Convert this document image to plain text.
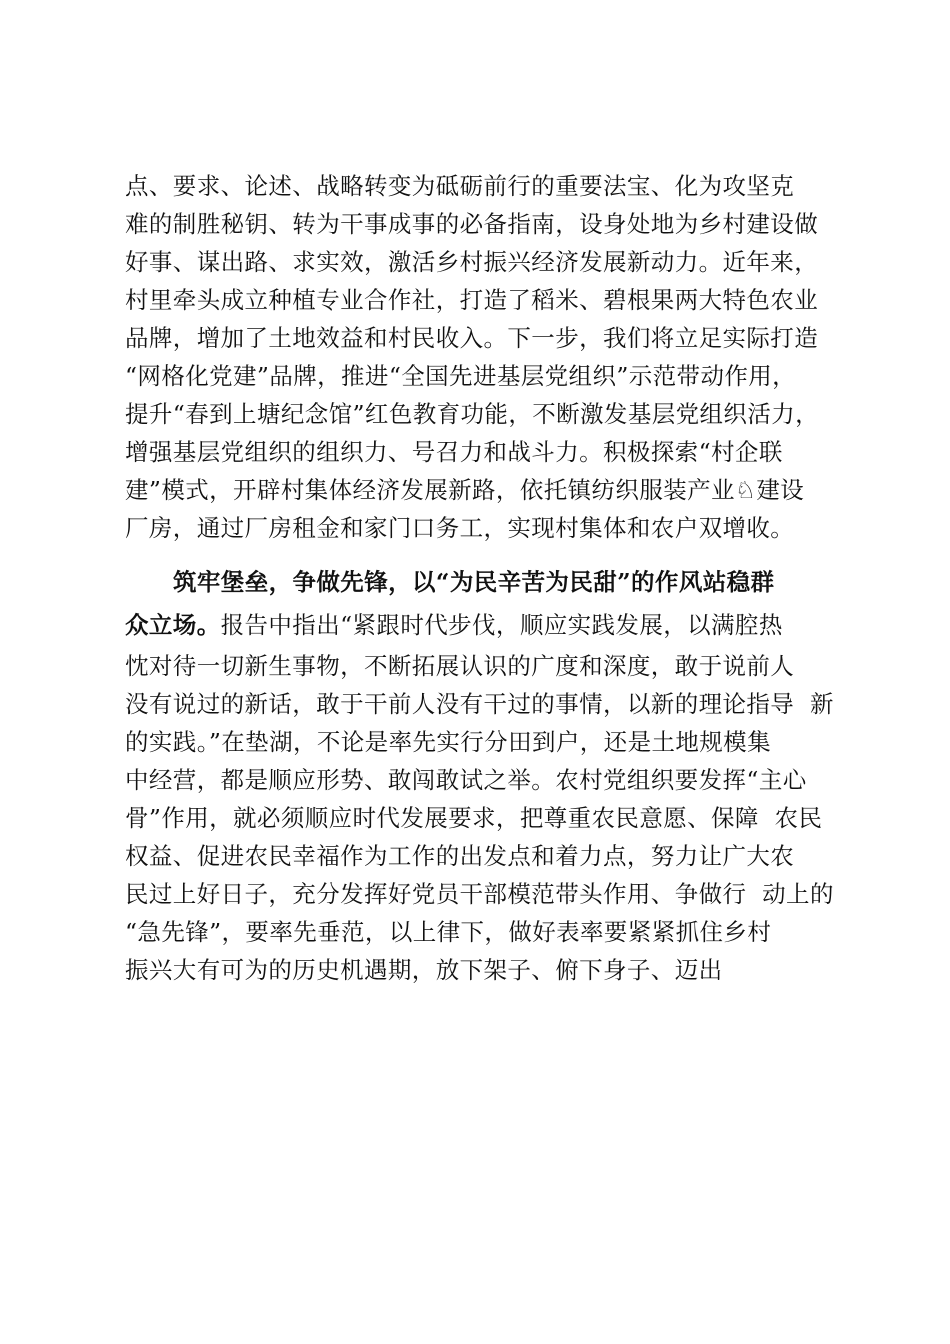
点、要求、论述、战略转变为砥砺前行的重要法宝、化为攻坚克
难的制胜秘钥、转为干事成事的必备指南，设身处地为乡村建设做
好事、谋出路、求实效，激活乡村振兴经济发展新动力。近年来，
村里牵头成立种植专业合作社，打造了稻米、碧根果两大特色农业
品牌，增加了土地效益和村民收入。下一步，我们将立足实际打造
“网格化党建”品牌，推进“全国先进基层党组织”示范带动作用，
提升“春到上塘纪念馆”红色教育功能，不断激发基层党组织活力，
增强基层党组织的组织力、号召力和战斗力。积极探索“村企联
建”模式，开辟村集体经济发展新路，依托镇纺织服装产业♘建设
厂房，通过厂房租金和家门口务工，实现村集体和农户双增收。
筑牢堡垒，争做先锋，以“为民辛苦为民甜”的作风站稳群
众立场。报告中指出“紧跟时代步伐，顺应实践发展，以满腔热
忱对待一切新生事物，不断拓展认识的广度和深度，敢于说前人
没有说过的新话，敢于干前人没有干过的事情，以新的理论指导  新
的实践。”在垫湖，不论是率先实行分田到户，还是土地规模集
中经营，都是顺应形势、敢闯敢试之举。农村党组织要发挥“主心
骨”作用，就必须顺应时代发展要求，把尊重农民意愿、保障  农民
权益、促进农民幸福作为工作的出发点和着力点，努力让广大农
民过上好日子，充分发挥好党员干部模范带头作用、争做行  动上的
“急先锋”，要率先垂范，以上律下，做好表率要紧紧抓住乡村
振兴大有可为的历史机遇期，放下架子、俯下身子、迈出
